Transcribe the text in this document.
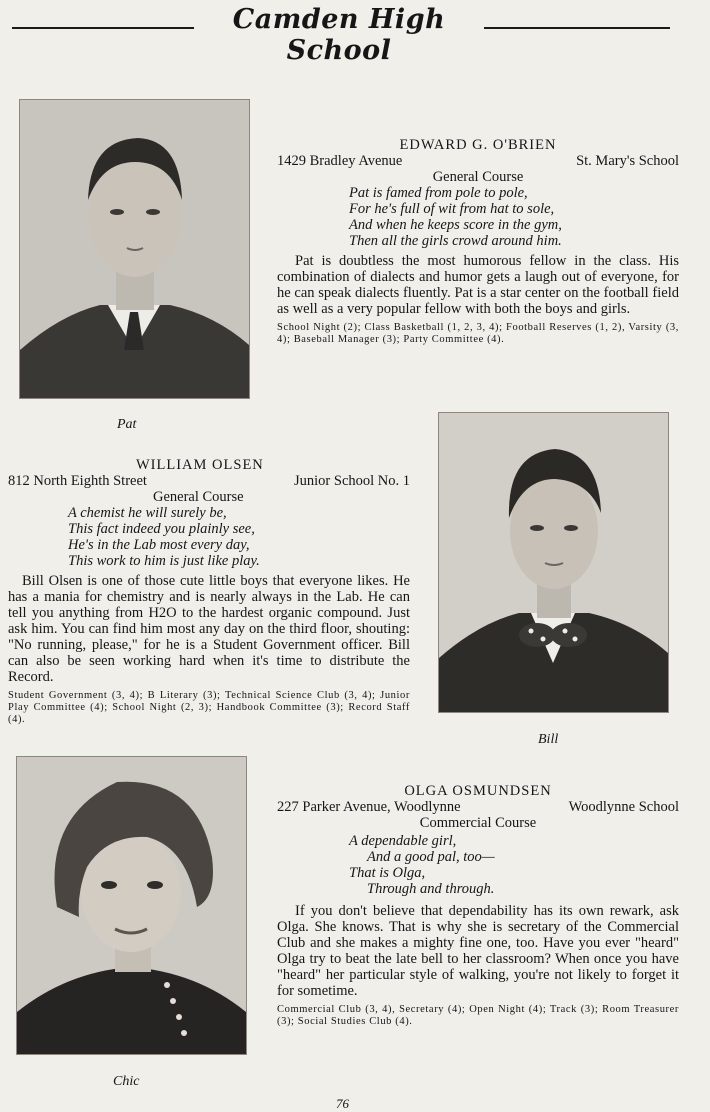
Camden High School
Pat
EDWARD G. O'BRIEN
1429 Bradley Avenue	St. Mary's School
General Course
Pat is famed from pole to pole,
For he's full of wit from hat to sole,
And when he keeps score in the gym,
Then all the girls crowd around him.
Pat is doubtless the most humorous fellow in the class. His combination of dialects and humor gets a laugh out of everyone, for he can speak dialects fluently. Pat is a star center on the football field as well as a very popular fellow with both the boys and girls.
School Night (2); Class Basketball (1, 2, 3, 4); Football Reserves (1, 2), Varsity (3, 4); Baseball Manager (3); Party Committee (4).
WILLIAM OLSEN
812 North Eighth Street	Junior School No. 1
General Course
A chemist he will surely be,
This fact indeed you plainly see,
He's in the Lab most every day,
This work to him is just like play.
Bill Olsen is one of those cute little boys that everyone likes. He has a mania for chemistry and is nearly always in the Lab. He can tell you anything from H2O to the hardest organic compound. Just ask him. You can find him most any day on the third floor, shouting: "No running, please," for he is a Student Government officer. Bill can also be seen working hard when it's time to distribute the Record.
Student Government (3, 4); B Literary (3); Technical Science Club (3, 4); Junior Play Committee (4); School Night (2, 3); Handbook Committee (3); Record Staff (4).
Bill
Chic
OLGA OSMUNDSEN
227 Parker Avenue, Woodlynne	Woodlynne School
Commercial Course
A dependable girl,
And a good pal, too—
That is Olga,
Through and through.
If you don't believe that dependability has its own rewark, ask Olga. She knows. That is why she is secretary of the Commercial Club and she makes a mighty fine one, too. Have you ever "heard" Olga try to beat the late bell to her classroom? When once you have "heard" her particular style of walking, you're not likely to forget it for sometime.
Commercial Club (3, 4), Secretary (4); Open Night (4); Track (3); Room Treasurer (3); Social Studies Club (4).
76
